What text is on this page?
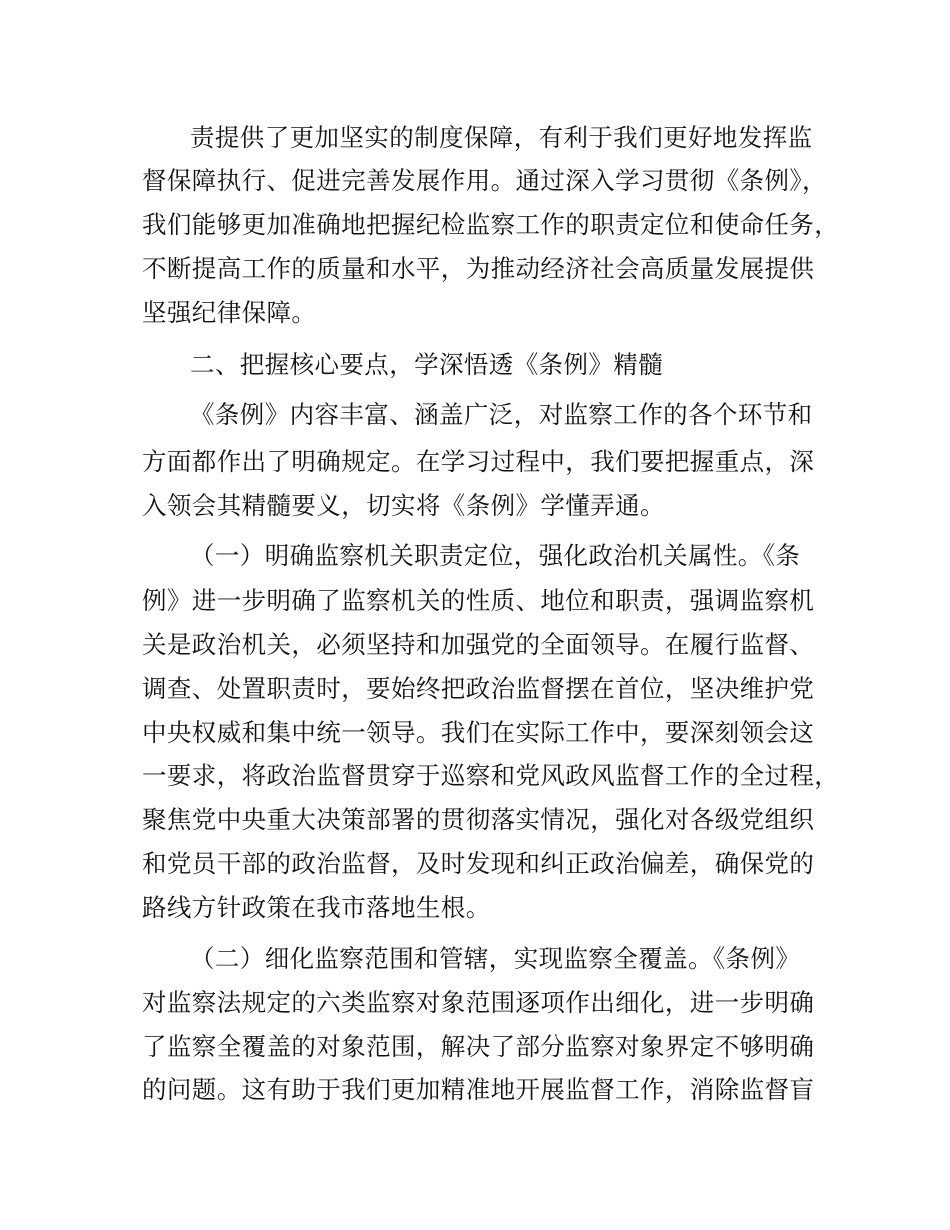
责提供了更加坚实的制度保障，有利于我们更好地发挥监

督保障执行、促进完善发展作用。通过深入学习贯彻《条例》，

我们能够更加准确地把握纪检监察工作的职责定位和使命任务，

不断提高工作的质量和水平，为推动经济社会高质量发展提供

坚强纪律保障。

二、把握核心要点，学深悟透《条例》精髓

《条例》内容丰富、涵盖广泛，对监察工作的各个环节和

方面都作出了明确规定。在学习过程中，我们要把握重点，深

入领会其精髓要义，切实将《条例》学懂弄通。

（一）明确监察机关职责定位，强化政治机关属性。《条

例》进一步明确了监察机关的性质、地位和职责，强调监察机

关是政治机关，必须坚持和加强党的全面领导。在履行监督、

调查、处置职责时，要始终把政治监督摆在首位，坚决维护党

中央权威和集中统一领导。我们在实际工作中，要深刻领会这

一要求，将政治监督贯穿于巡察和党风政风监督工作的全过程，

聚焦党中央重大决策部署的贯彻落实情况，强化对各级党组织

和党员干部的政治监督，及时发现和纠正政治偏差，确保党的

路线方针政策在我市落地生根。

（二）细化监察范围和管辖，实现监察全覆盖。《条例》

对监察法规定的六类监察对象范围逐项作出细化，进一步明确

了监察全覆盖的对象范围，解决了部分监察对象界定不够明确

的问题。这有助于我们更加精准地开展监督工作，消除监督盲
